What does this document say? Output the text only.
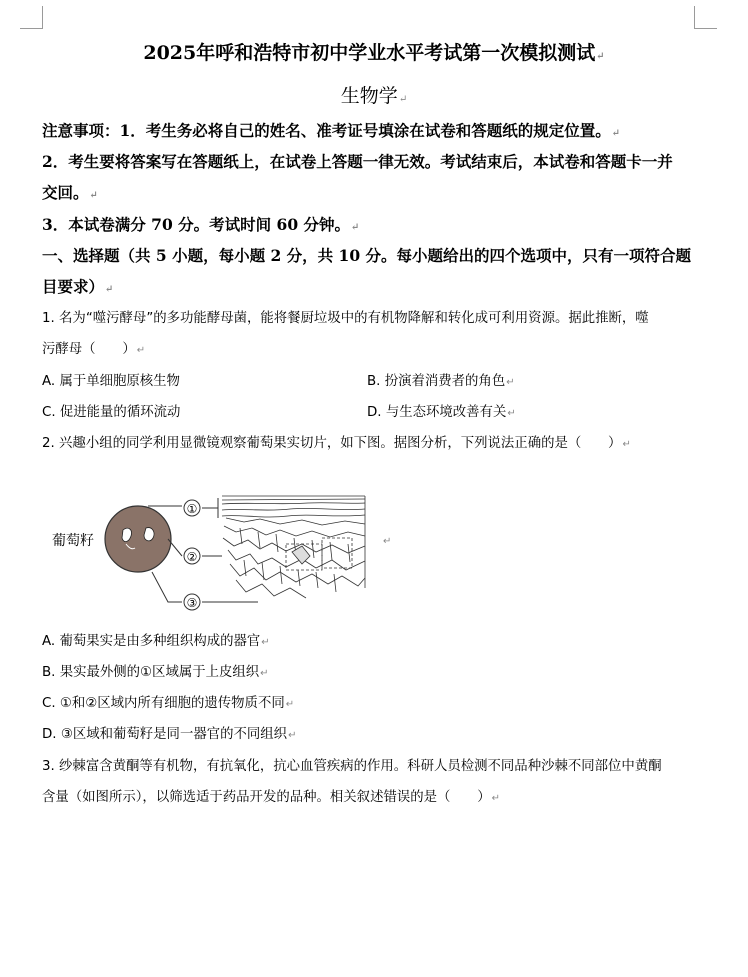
2025年呼和浩特市初中学业水平考试第一次模拟测试↵
生物学↵
注意事项：1．考生务必将自己的姓名、准考证号填涂在试卷和答题纸的规定位置。↵
2．考生要将答案写在答题纸上，在试卷上答题一律无效。考试结束后，本试卷和答题卡一并
交回。↵
3．本试卷满分 70 分。考试时间 60 分钟。↵
一、选择题（共 5 小题，每小题 2 分，共 10 分。每小题给出的四个选项中，只有一项符合题
目要求）↵
1. 名为“噬污酵母”的多功能酵母菌，能将餐厨垃圾中的有机物降解和转化成可利用资源。据此推断，噬
污酵母（　　）↵
A. 属于单细胞原核生物	B. 扮演着消费者的角色↵
C. 促进能量的循环流动	D. 与生态环境改善有关↵
2. 兴趣小组的同学利用显微镜观察葡萄果实切片，如下图。据图分析，下列说法正确的是（　　）↵
葡萄籽
①
②
③
↵
A. 葡萄果实是由多种组织构成的器官↵
B. 果实最外侧的①区域属于上皮组织↵
C. ①和②区域内所有细胞的遗传物质不同↵
D. ③区域和葡萄籽是同一器官的不同组织↵
3. 纱棘富含黄酮等有机物，有抗氧化，抗心血管疾病的作用。科研人员检测不同品种沙棘不同部位中黄酮
含量（如图所示），以筛选适于药品开发的品种。相关叙述错误的是（　　）↵
